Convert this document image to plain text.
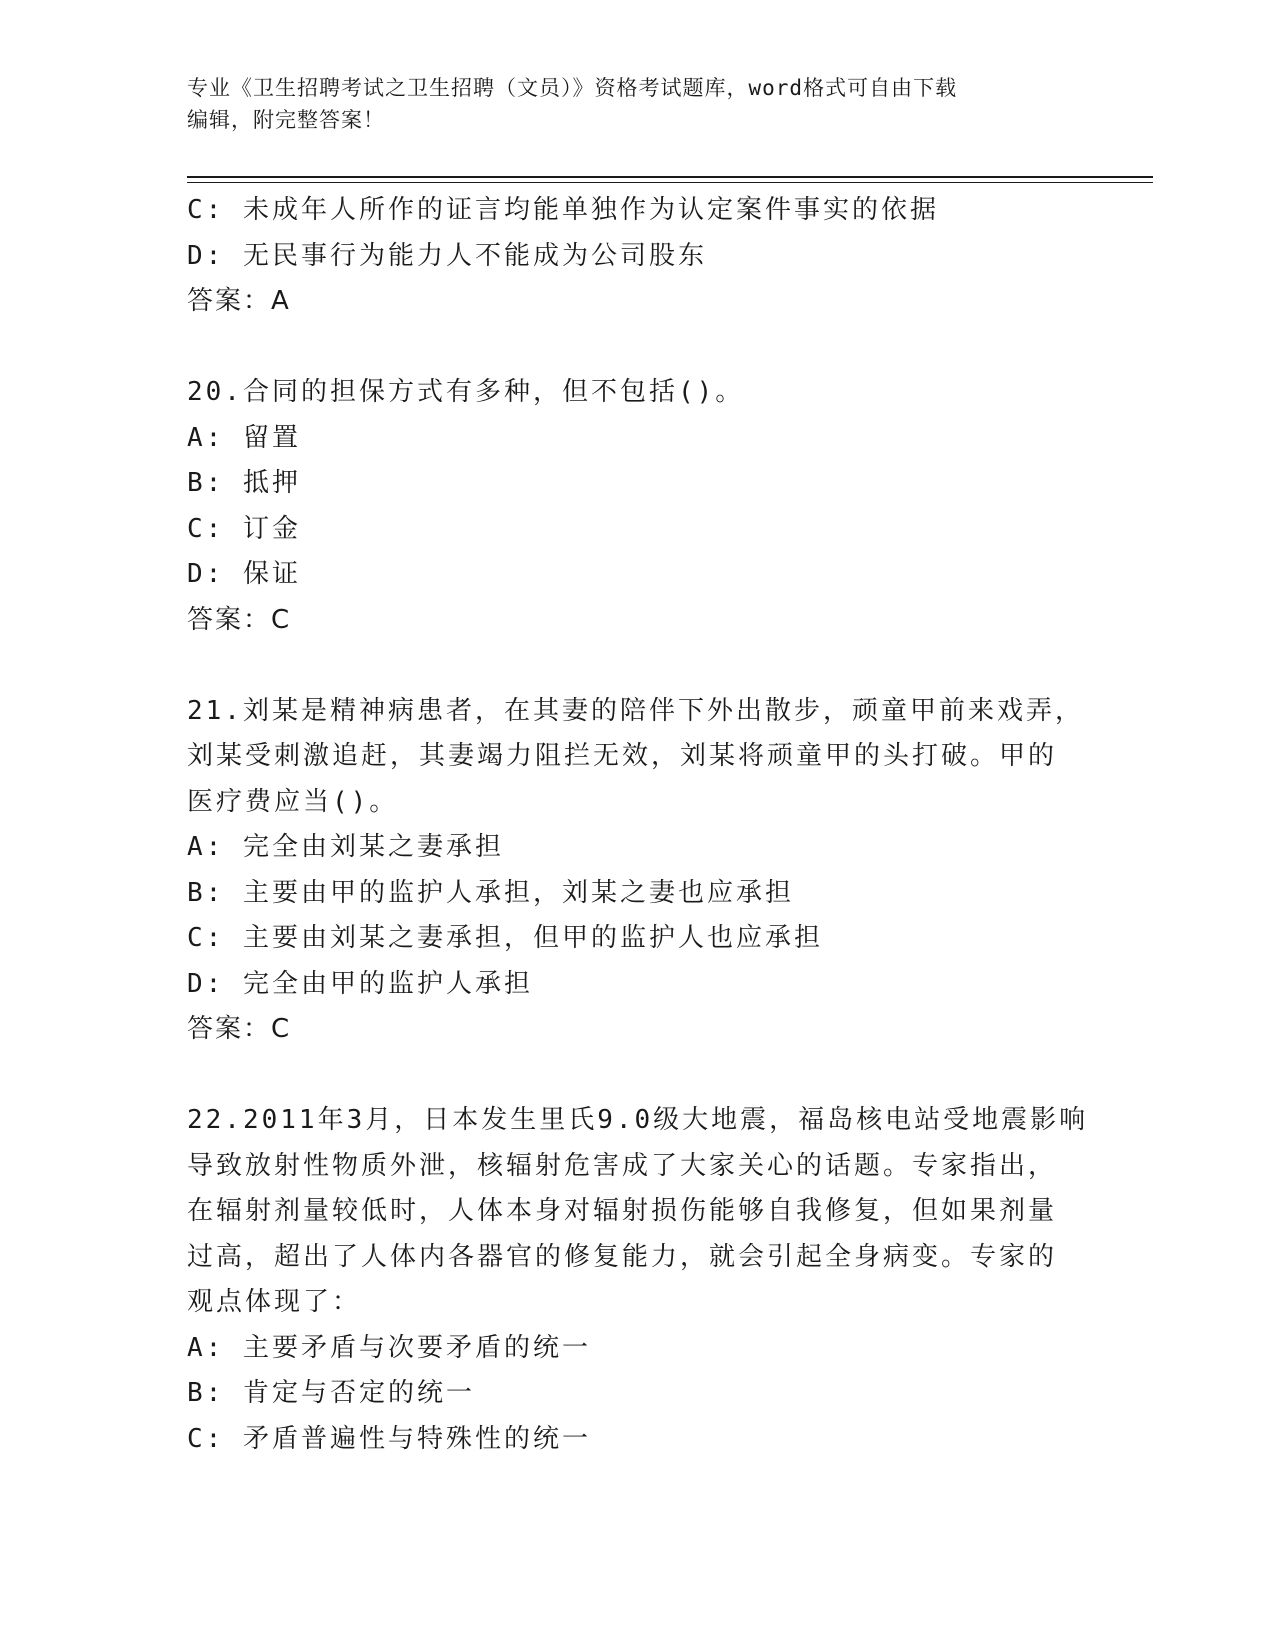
专业《卫生招聘考试之卫生招聘（文员）》资格考试题库，word格式可自由下载
编辑，附完整答案！
C: 未成年人所作的证言均能单独作为认定案件事实的依据
D: 无民事行为能力人不能成为公司股东
答案：A
20.合同的担保方式有多种，但不包括()。
A: 留置
B: 抵押
C: 订金
D: 保证
答案：C
21.刘某是精神病患者，在其妻的陪伴下外出散步，顽童甲前来戏弄，
刘某受刺激追赶，其妻竭力阻拦无效，刘某将顽童甲的头打破。甲的
医疗费应当()。
A: 完全由刘某之妻承担
B: 主要由甲的监护人承担，刘某之妻也应承担
C: 主要由刘某之妻承担，但甲的监护人也应承担
D: 完全由甲的监护人承担
答案：C
22.2011年3月，日本发生里氏9.0级大地震，福岛核电站受地震影响
导致放射性物质外泄，核辐射危害成了大家关心的话题。专家指出，
在辐射剂量较低时，人体本身对辐射损伤能够自我修复，但如果剂量
过高，超出了人体内各器官的修复能力，就会引起全身病变。专家的
观点体现了：
A: 主要矛盾与次要矛盾的统一
B: 肯定与否定的统一
C: 矛盾普遍性与特殊性的统一
